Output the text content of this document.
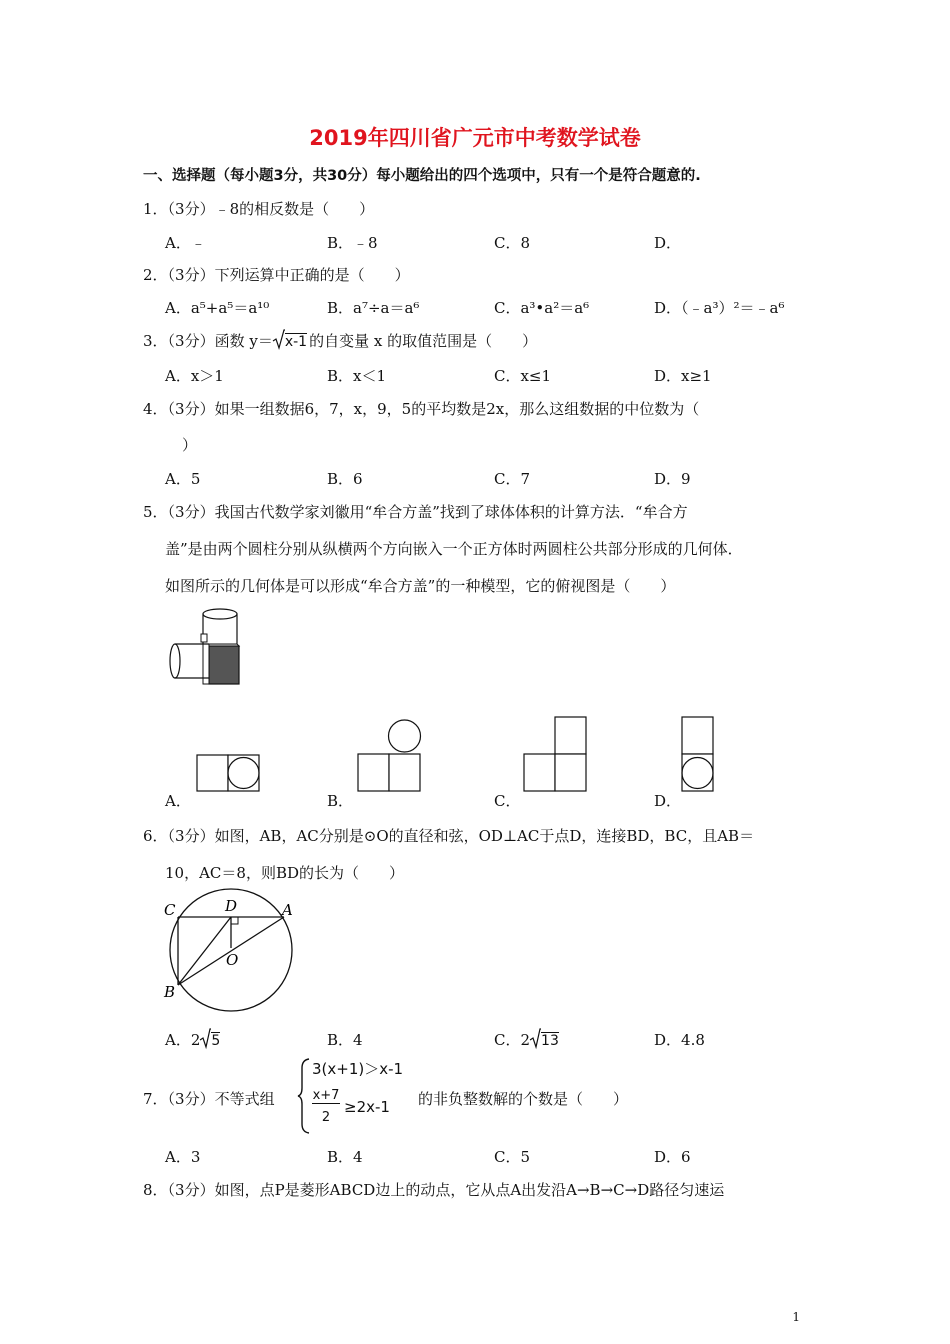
2019年四川省广元市中考数学试卷
一、选择题（每小题3分，共30分）每小题给出的四个选项中，只有一个是符合题意的.
1．（3分）﹣8的相反数是（　　）
A．﹣	B．﹣8	C．8	D．
2．（3分）下列运算中正确的是（　　）
A．a⁵+a⁵＝a¹⁰	B．a⁷÷a＝a⁶	C．a³•a²＝a⁶	D．（﹣a³）²＝﹣a⁶
3．（3分）函数 y＝ x-1 的自变量 x 的取值范围是（　　）
A．x＞1	B．x＜1	C．x≤1	D．x≥1
4．（3分）如果一组数据6，7，x，9，5的平均数是2x，那么这组数据的中位数为（
）
A．5	B．6	C．7	D．9
5．（3分）我国古代数学家刘徽用“牟合方盖”找到了球体体积的计算方法．“牟合方
盖”是由两个圆柱分别从纵横两个方向嵌入一个正方体时两圆柱公共部分形成的几何体．
如图所示的几何体是可以形成“牟合方盖”的一种模型，它的俯视图是（　　）
A．	B．	C．	D．
6．（3分）如图，AB，AC分别是⊙O的直径和弦，OD⊥AC于点D，连接BD，BC，且AB＝
10，AC＝8，则BD的长为（　　）
C	D	A
O
B
A．2 5	B．4	C．2 13	D．4.8
7．（3分）不等式组
3(x+1)＞x-1
x+7
2
≥2x-1 的非负整数解的个数是（　　）
A．3	B．4	C．5	D．6
8．（3分）如图，点P是菱形ABCD边上的动点，它从点A出发沿A→B→C→D路径匀速运
1
